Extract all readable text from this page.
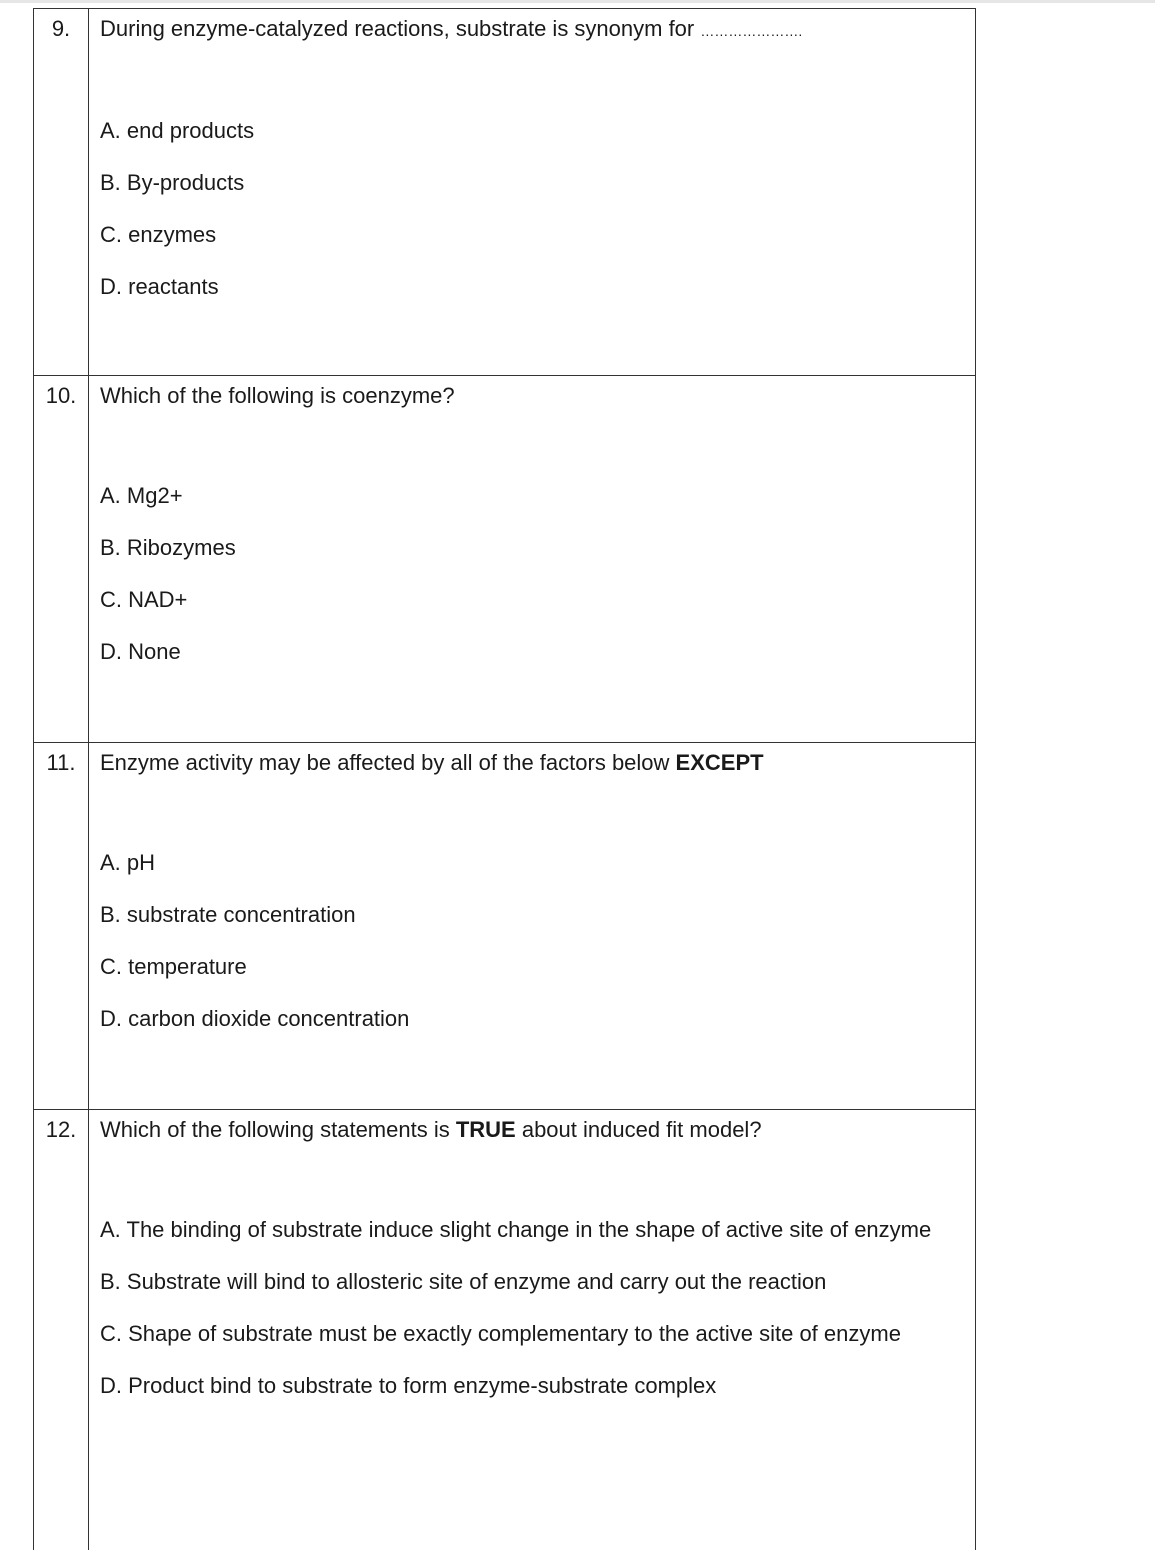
9.	During enzyme-catalyzed reactions, substrate is synonym for ………………….

A. end products

B. By-products

C. enzymes

D. reactants

10.	Which of the following is coenzyme?

A. Mg2+

B. Ribozymes

C. NAD+

D. None

11.	Enzyme activity may be affected by all of the factors below EXCEPT

A. pH

B. substrate concentration

C. temperature

D. carbon dioxide concentration

12.	Which of the following statements is TRUE about induced fit model?

A. The binding of substrate induce slight change in the shape of active site of enzyme

B. Substrate will bind to allosteric site of enzyme and carry out the reaction

C. Shape of substrate must be exactly complementary to the active site of enzyme

D. Product bind to substrate to form enzyme-substrate complex
